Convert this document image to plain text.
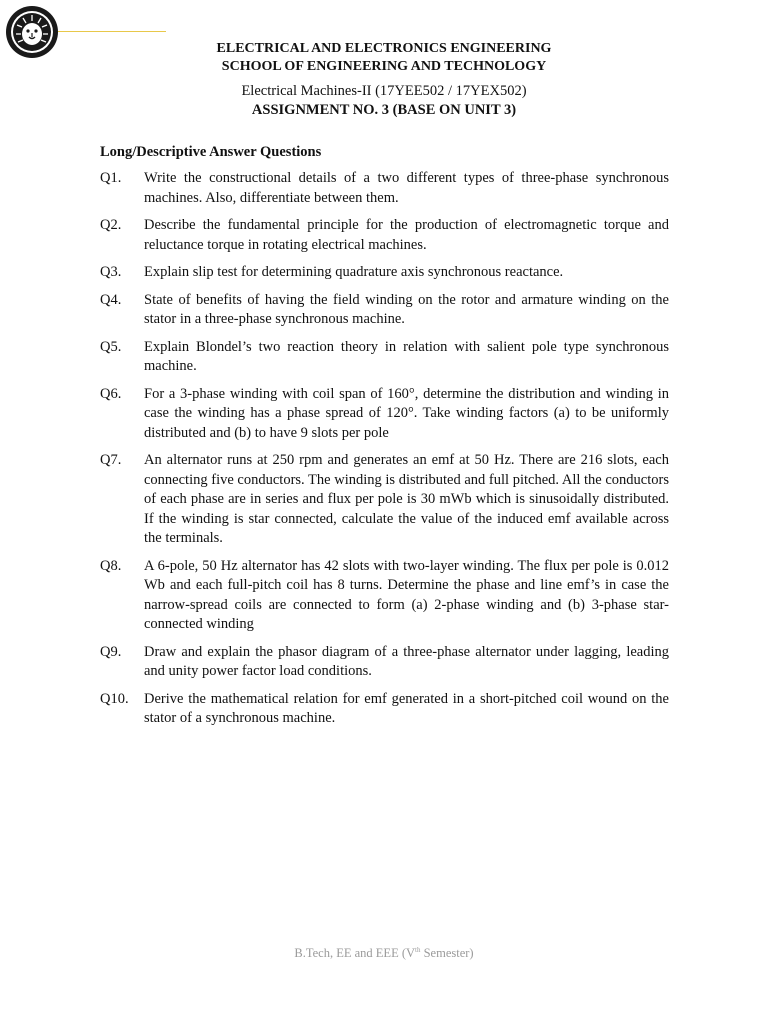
ELECTRICAL AND ELECTRONICS ENGINEERING
SCHOOL OF ENGINEERING AND TECHNOLOGY
Electrical Machines-II (17YEE502 / 17YEX502)
ASSIGNMENT NO. 3 (BASE ON UNIT 3)
Long/Descriptive Answer Questions
Q1. Write the constructional details of a two different types of three-phase synchronous machines. Also, differentiate between them.
Q2. Describe the fundamental principle for the production of electromagnetic torque and reluctance torque in rotating electrical machines.
Q3. Explain slip test for determining quadrature axis synchronous reactance.
Q4. State of benefits of having the field winding on the rotor and armature winding on the stator in a three-phase synchronous machine.
Q5. Explain Blondel’s two reaction theory in relation with salient pole type synchronous machine.
Q6. For a 3-phase winding with coil span of 160°, determine the distribution and winding in case the winding has a phase spread of 120°. Take winding factors (a) to be uniformly distributed and (b) to have 9 slots per pole
Q7. An alternator runs at 250 rpm and generates an emf at 50 Hz. There are 216 slots, each connecting five conductors. The winding is distributed and full pitched. All the conductors of each phase are in series and flux per pole is 30 mWb which is sinusoidally distributed. If the winding is star connected, calculate the value of the induced emf available across the terminals.
Q8. A 6-pole, 50 Hz alternator has 42 slots with two-layer winding. The flux per pole is 0.012 Wb and each full-pitch coil has 8 turns. Determine the phase and line emf’s in case the narrow-spread coils are connected to form (a) 2-phase winding and (b) 3-phase star-connected winding
Q9. Draw and explain the phasor diagram of a three-phase alternator under lagging, leading and unity power factor load conditions.
Q10. Derive the mathematical relation for emf generated in a short-pitched coil wound on the stator of a synchronous machine.
B.Tech, EE and EEE (Vth Semester)
